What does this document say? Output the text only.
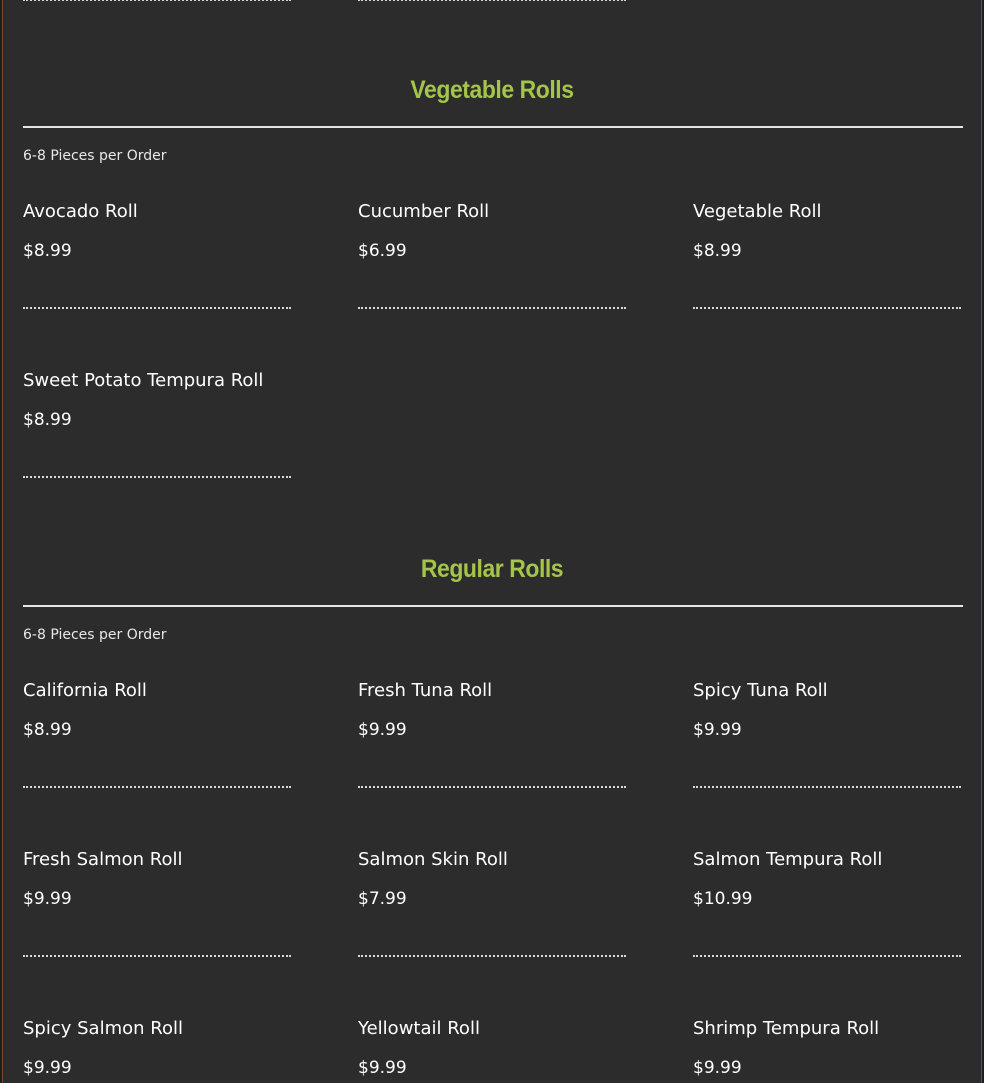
Vegetable Rolls
6-8 Pieces per Order
Avocado Roll
$8.99
Cucumber Roll
$6.99
Vegetable Roll
$8.99
Sweet Potato Tempura Roll
$8.99
Regular Rolls
6-8 Pieces per Order
California Roll
$8.99
Fresh Tuna Roll
$9.99
Spicy Tuna Roll
$9.99
Fresh Salmon Roll
$9.99
Salmon Skin Roll
$7.99
Salmon Tempura Roll
$10.99
Spicy Salmon Roll
$9.99
Yellowtail Roll
$9.99
Shrimp Tempura Roll
$9.99
